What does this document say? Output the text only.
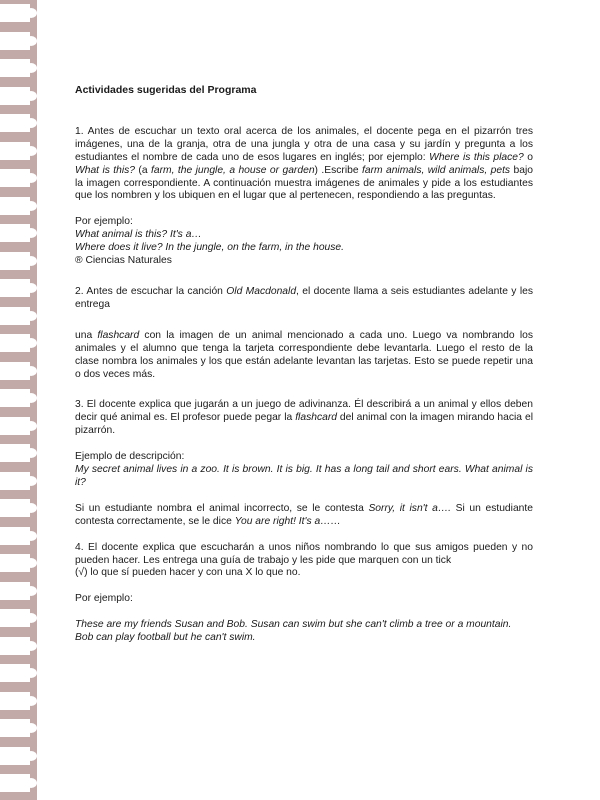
Actividades sugeridas del Programa

1. Antes de escuchar un texto oral acerca de los animales, el docente pega en el pizarrón tres imágenes, una de la granja, otra de una jungla y otra de una casa y su jardín y pregunta a los estudiantes el nombre de cada uno de esos lugares en inglés; por ejemplo: Where is this place? o What is this? (a farm, the jungle, a house or garden) .Escribe farm animals, wild animals, pets bajo la imagen correspondiente. A continuación muestra imágenes de animales y pide a los estudiantes que los nombren y los ubiquen en el lugar que al pertenecen, respondiendo a las preguntas.

Por ejemplo:

What animal is this? It's a…

Where does it live? In the jungle, on the farm, in the house.

® Ciencias Naturales

2. Antes de escuchar la canción Old Macdonald, el docente llama a seis estudiantes adelante y les entrega

una flashcard con la imagen de un animal mencionado a cada uno. Luego va nombrando los animales y el alumno que tenga la tarjeta correspondiente debe levantarla. Luego el resto de la clase nombra los animales y los que están adelante levantan las tarjetas. Esto se puede repetir una o dos veces más.

3. El docente explica que jugarán a un juego de adivinanza. Él describirá a un animal y ellos deben decir qué animal es. El profesor puede pegar la flashcard del animal con la imagen mirando hacia el pizarrón.

Ejemplo de descripción:

My secret animal lives in a zoo. It is brown. It is big. It has a long tail and short ears. What animal is it?

Si un estudiante nombra el animal incorrecto, se le contesta Sorry, it isn't a…. Si un estudiante contesta correctamente, se le dice You are right! It's a……

4. El docente explica que escucharán a unos niños nombrando lo que sus amigos pueden y no pueden hacer. Les entrega una guía de trabajo y les pide que marquen con un tick

(√) lo que sí pueden hacer y con una X lo que no.

Por ejemplo:

These are my friends Susan and Bob. Susan can swim but she can't climb a tree or a mountain.

Bob can play football but he can't swim.
